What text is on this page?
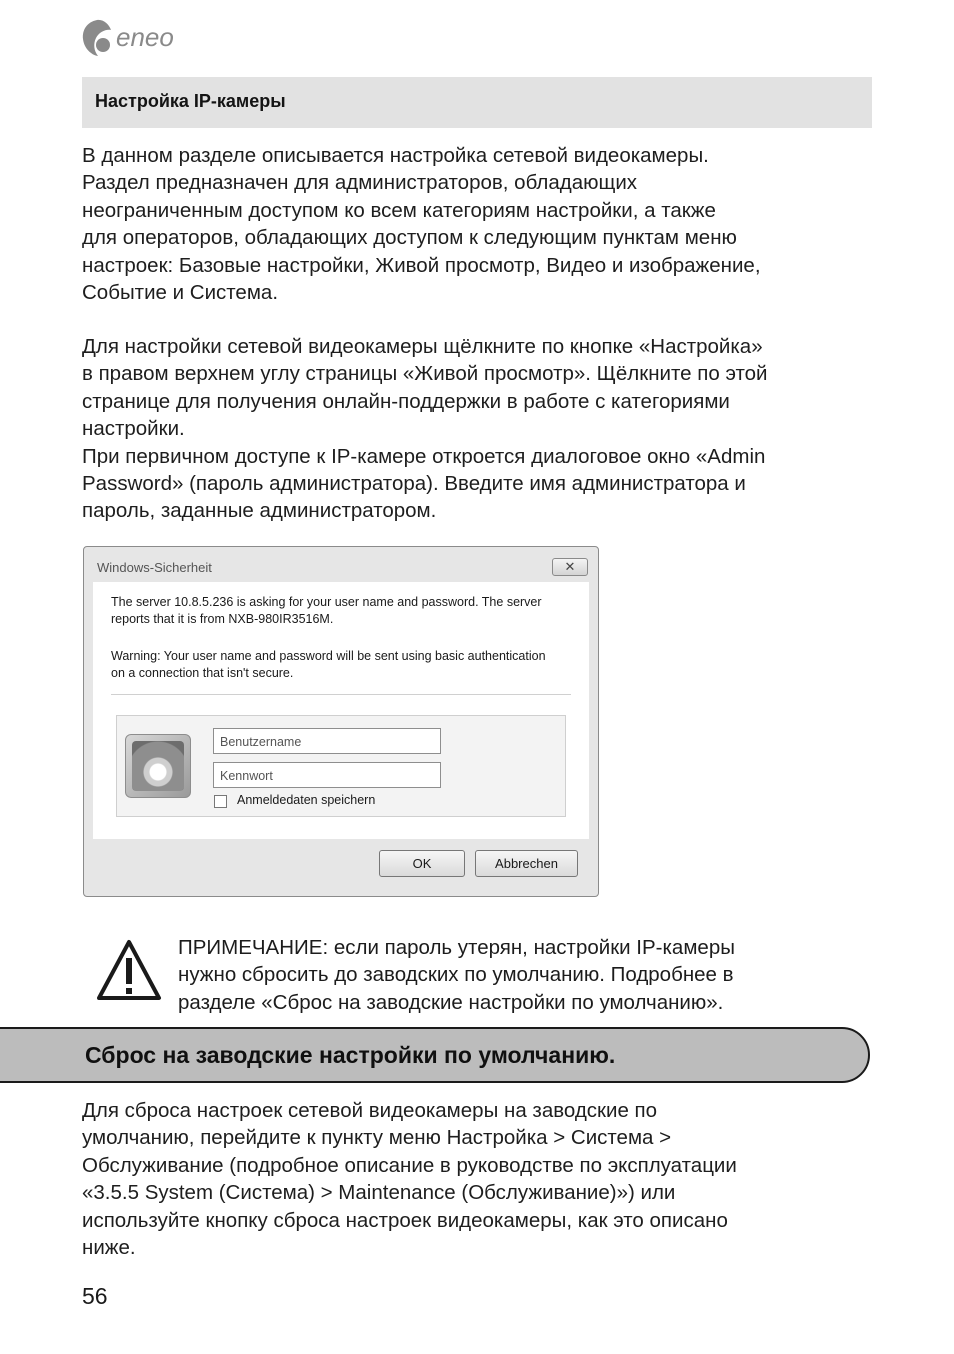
eneo
Настройка IP-камеры

В данном разделе описывается настройка сетевой видеокамеры.
Раздел предназначен для администраторов, обладающих
неограниченным доступом ко всем категориям настройки, а также
для операторов, обладающих доступом к следующим пунктам меню
настроек: Базовые настройки, Живой просмотр, Видео и изображение,
Событие и Система.

Для настройки сетевой видеокамеры щёлкните по кнопке «Настройка»
в правом верхнем углу страницы «Живой просмотр». Щёлкните по этой
странице для получения онлайн-поддержки в работе с категориями
настройки.
При первичном доступе к IP-камере откроется диалоговое окно «Admin
Password» (пароль администратора). Введите имя администратора и
пароль, заданные администратором.

Windows-Sicherheit	✕
The server 10.8.5.236 is asking for your user name and password. The server reports that it is from NXB-980IR3516M.
Warning: Your user name and password will be sent using basic authentication on a connection that isn't secure.
Benutzername
Kennwort
Anmeldedaten speichern
OK	Abbrechen

ПРИМЕЧАНИЕ: если пароль утерян, настройки IP-камеры
нужно сбросить до заводских по умолчанию. Подробнее в
разделе «Сброс на заводские настройки по умолчанию».

Сброс на заводские настройки по умолчанию.

Для сброса настроек сетевой видеокамеры на заводские по
умолчанию, перейдите к пункту меню Настройка > Система >
Обслуживание (подробное описание в руководстве по эксплуатации
«3.5.5 System (Система) > Maintenance (Обслуживание)») или
используйте кнопку сброса настроек видеокамеры, как это описано
ниже.

56
